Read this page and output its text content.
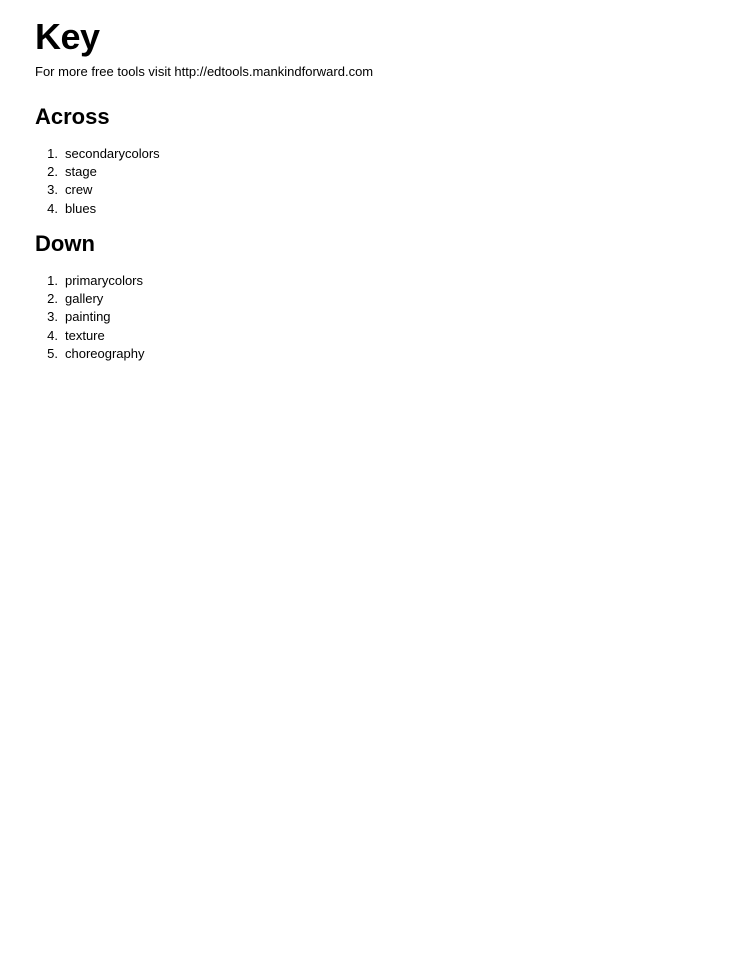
Key

For more free tools visit http://edtools.mankindforward.com

Across
1. secondarycolors
2. stage
3. crew
4. blues
Down
1. primarycolors
2. gallery
3. painting
4. texture
5. choreography
